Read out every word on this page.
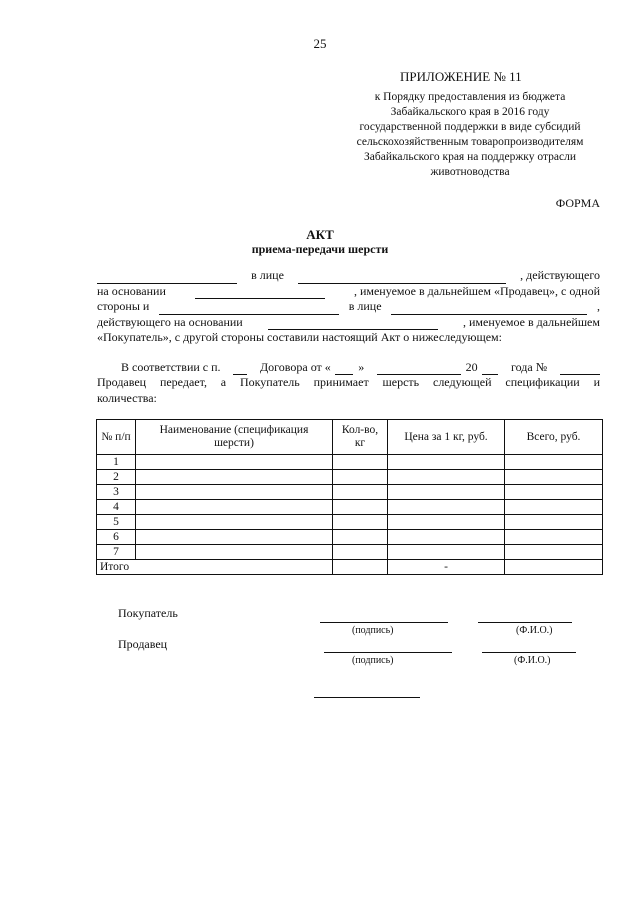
25
ПРИЛОЖЕНИЕ № 11
к Порядку предоставления из бюджета
Забайкальского края в 2016 году
государственной поддержки в виде субсидий
сельскохозяйственным товаропроизводителям
Забайкальского края на поддержку отрасли
животноводства
ФОРМА
АКТ
приема-передачи шерсти
в лице	, действующего
на основании	, именуемое в дальнейшем «Продавец», с одной
стороны и	в лице	,
действующего на основании	, именуемое в дальнейшем
«Покупатель», с другой стороны составили настоящий Акт о нижеследующем:
В соответствии с п.	Договора от « »	20	года №
Продавец передает, а Покупатель принимает шерсть следующей спецификации и
количества:
№ п/п	Наименование (спецификация шерсти)	Кол-во, кг	Цена за 1 кг, руб.	Всего, руб.
1				
2				
3				
4				
5				
6				
7				
Итого			-	
Покупатель
(подпись)	(Ф.И.О.)
Продавец
(подпись)	(Ф.И.О.)
